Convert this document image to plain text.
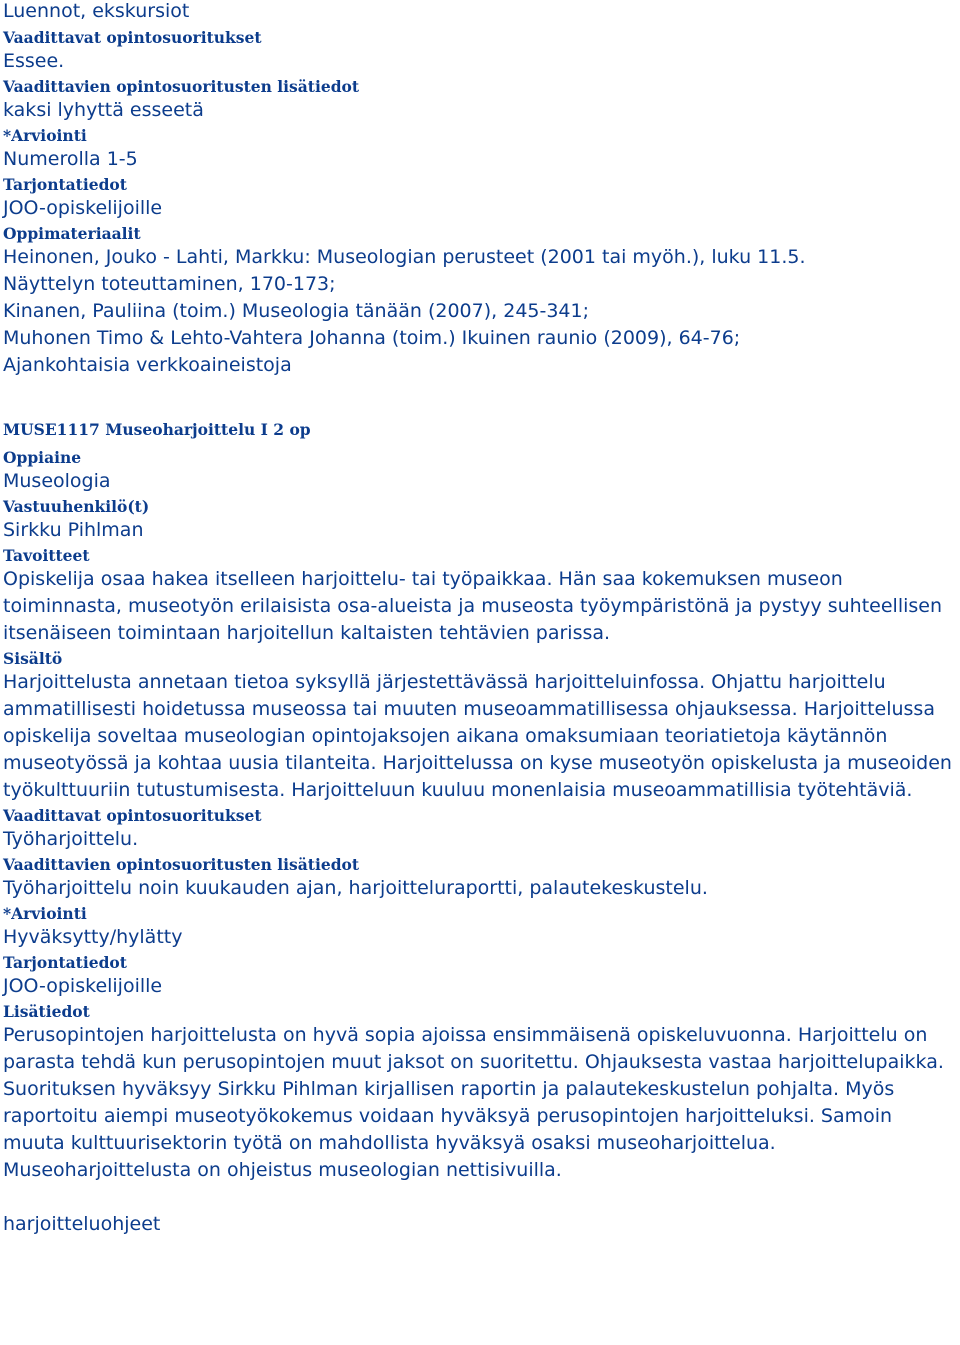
Luennot, ekskursiot

Vaadittavat opintosuoritukset

Essee.

Vaadittavien opintosuoritusten lisätiedot

kaksi lyhyttä esseetä

*Arviointi

Numerolla 1-5

Tarjontatiedot

JOO-opiskelijoille

Oppimateriaalit

Heinonen, Jouko - Lahti, Markku: Museologian perusteet (2001 tai myöh.), luku 11.5.
Näyttelyn toteuttaminen, 170-173;
Kinanen, Pauliina (toim.) Museologia tänään (2007), 245-341;
Muhonen Timo & Lehto-Vahtera Johanna (toim.) Ikuinen raunio (2009), 64-76;
Ajankohtaisia verkkoaineistoja

MUSE1117 Museoharjoittelu I 2 op

Oppiaine

Museologia

Vastuuhenkilö(t)

Sirkku Pihlman

Tavoitteet

Opiskelija osaa hakea itselleen harjoittelu- tai työpaikkaa. Hän saa kokemuksen museon toiminnasta, museotyön erilaisista osa-alueista ja museosta työympäristönä ja pystyy suhteellisen itsenäiseen toimintaan harjoitellun kaltaisten tehtävien parissa.

Sisältö

Harjoittelusta annetaan tietoa syksyllä järjestettävässä harjoitteluinfossa. Ohjattu harjoittelu ammatillisesti hoidetussa museossa tai muuten museoammatillisessa ohjauksessa. Harjoittelussa opiskelija soveltaa museologian opintojaksojen aikana omaksumiaan teoriatietoja käytännön museotyössä ja kohtaa uusia tilanteita. Harjoittelussa on kyse museotyön opiskelusta ja museoiden työkulttuuriin tutustumisesta. Harjoitteluun kuuluu monenlaisia museoammatillisia työtehtäviä.

Vaadittavat opintosuoritukset

Työharjoittelu.

Vaadittavien opintosuoritusten lisätiedot

Työharjoittelu noin kuukauden ajan, harjoitteluraportti, palautekeskustelu.

*Arviointi

Hyväksytty/hylätty

Tarjontatiedot

JOO-opiskelijoille

Lisätiedot

Perusopintojen harjoittelusta on hyvä sopia ajoissa ensimmäisenä opiskeluvuonna. Harjoittelu on parasta tehdä kun perusopintojen muut jaksot on suoritettu. Ohjauksesta vastaa harjoittelupaikka. Suorituksen hyväksyy Sirkku Pihlman kirjallisen raportin ja palautekeskustelun pohjalta. Myös raportoitu aiempi museotyökokemus voidaan hyväksyä perusopintojen harjoitteluksi. Samoin muuta kulttuurisektorin työtä on mahdollista hyväksyä osaksi museoharjoittelua. Museoharjoittelusta on ohjeistus museologian nettisivuilla.

harjoitteluohjeet
